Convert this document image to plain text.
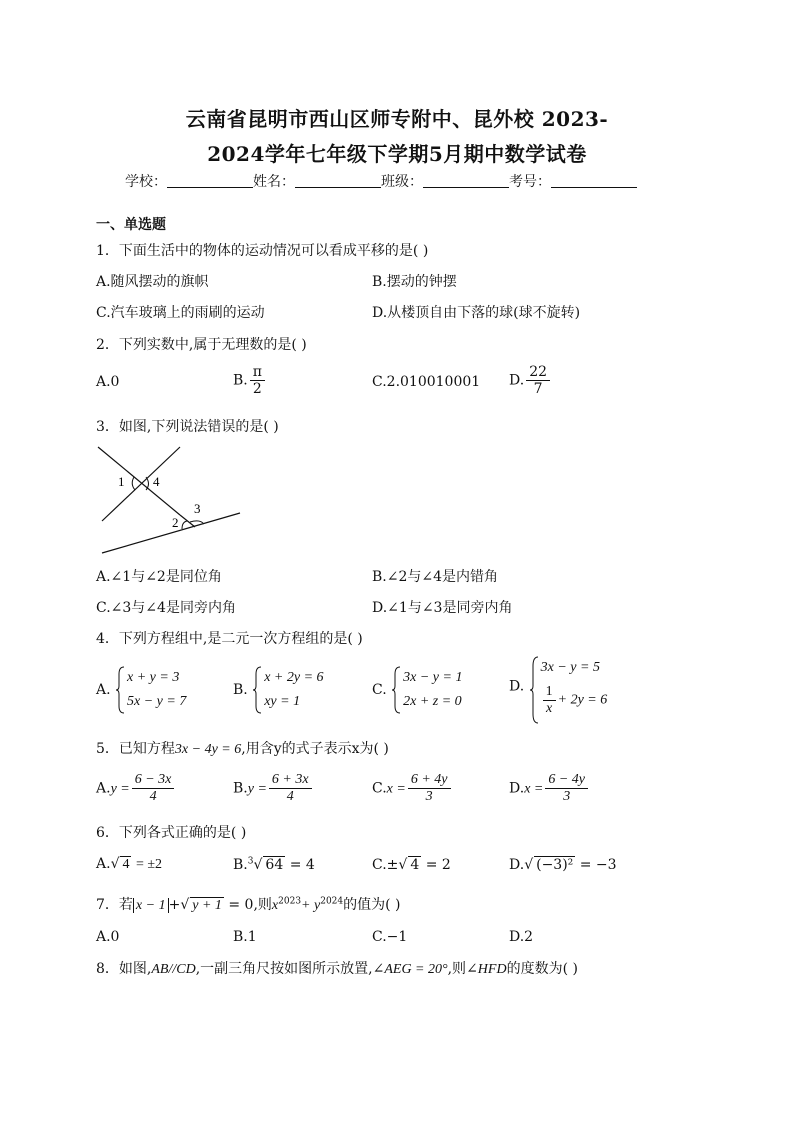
云南省昆明市西山区师专附中、昆外校 2023-
2024学年七年级下学期5月期中数学试卷
学校：	姓名：	班级：	考号：
一、单选题
1．下面生活中的物体的运动情况可以看成平移的是( )
A.随风摆动的旗帜	B.摆动的钟摆
C.汽车玻璃上的雨刷的运动	D.从楼顶自由下落的球(球不旋转)
2．下列实数中,属于无理数的是( )
A.0	B. $\frac{\pi}{2}$	C.2.010010001 D. $\frac{22}{7}$
3．如图,下列说法错误的是( )
1 4
2
3
A.∠1与∠2是同位角	B.∠2与∠4是内错角
C.∠3与∠4是同旁内角	D.∠1与∠3是同旁内角
4．下列方程组中,是二元一次方程组的是( )
A.
x + y = 3
5x − y = 7
B.
x + 2y = 6
xy = 1
C.
3x − y = 1
2x + z = 0
D.
3x − y = 5
$\frac{1}{x} + 2y = 6$
5．已知方程3x − 4y = 6,用含y的式子表示x为( )
$A.y = \frac{6 - 3x}{4}$	$B.y = \frac{6 + 3x}{4}$	$C.x = \frac{6 + 4y}{3}$	$D.x = \frac{6 - 4y}{3}$
6．下列各式正确的是( )
A.√ 4 = ±2	B.$^3$√ 64 = 4	C.±√ 4 = 2	D.√ (−3)² = −3
7．若 x − 1 +√ y + 1 = 0,则$x^{2023}+ y^{2024}$的值为( )
A.0	B.1	C.−1	D.2
8．如图,AB//CD,一副三角尺按如图所示放置,∠AEG = 20°,则∠HFD的度数为( )
